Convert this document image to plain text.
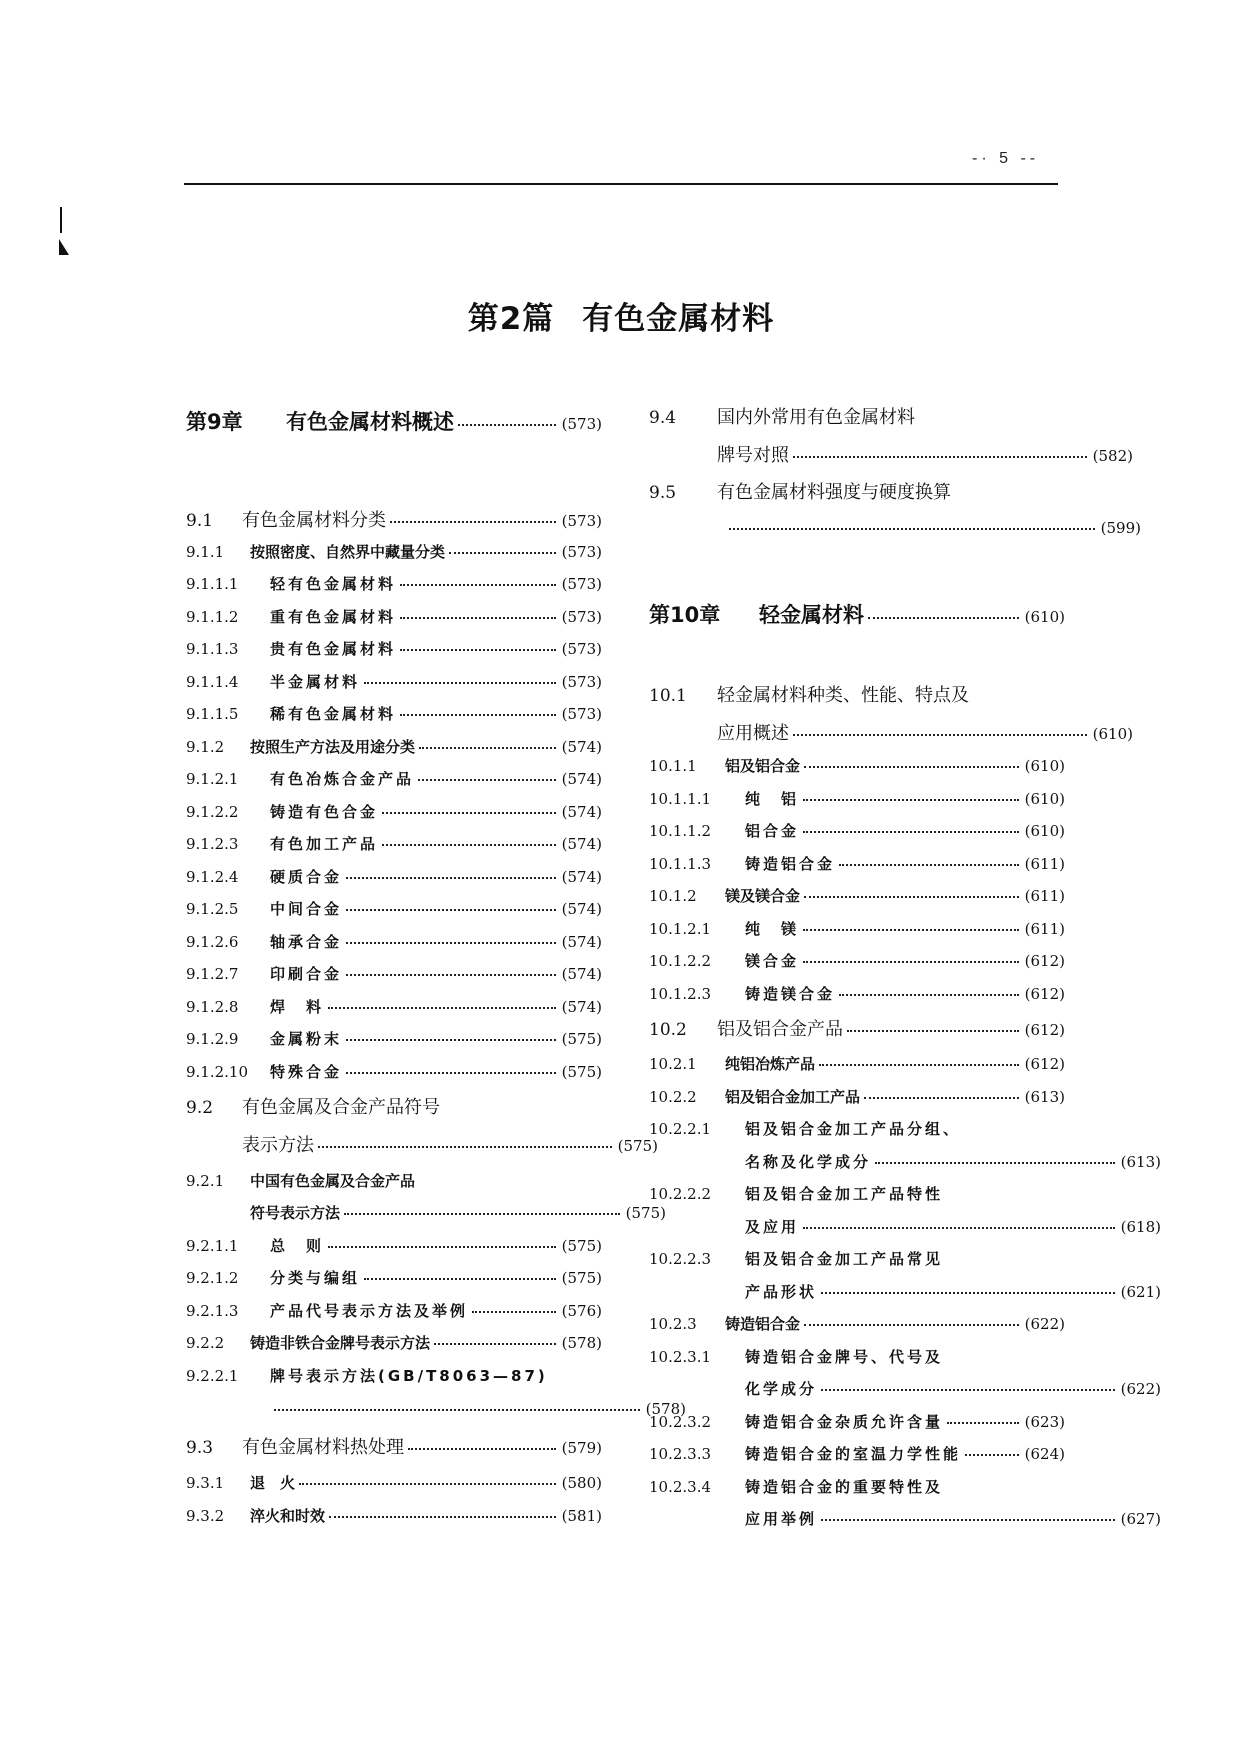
-· 5 --
第2篇 有色金属材料
第9章	有色金属材料概述	(573)
9.1	有色金属材料分类	(573)
9.1.1	按照密度、自然界中藏量分类	(573)
9.1.1.1	轻有色金属材料	(573)
9.1.1.2	重有色金属材料	(573)
9.1.1.3	贵有色金属材料	(573)
9.1.1.4	半金属材料	(573)
9.1.1.5	稀有色金属材料	(573)
9.1.2	按照生产方法及用途分类	(574)
9.1.2.1	有色冶炼合金产品	(574)
9.1.2.2	铸造有色合金	(574)
9.1.2.3	有色加工产品	(574)
9.1.2.4	硬质合金	(574)
9.1.2.5	中间合金	(574)
9.1.2.6	轴承合金	(574)
9.1.2.7	印刷合金	(574)
9.1.2.8	焊　料	(574)
9.1.2.9	金属粉末	(575)
9.1.2.10	特殊合金	(575)
9.2	有色金属及合金产品符号
表示方法	(575)
9.2.1	中国有色金属及合金产品
符号表示方法	(575)
9.2.1.1	总　则	(575)
9.2.1.2	分类与编组	(575)
9.2.1.3	产品代号表示方法及举例	(576)
9.2.2	铸造非铁合金牌号表示方法	(578)
9.2.2.1	牌号表示方法(GB/T8063—87)
(578)
9.3	有色金属材料热处理	(579)
9.3.1	退　火	(580)
9.3.2	淬火和时效	(581)
9.4	国内外常用有色金属材料
牌号对照	(582)
9.5	有色金属材料强度与硬度换算
(599)
第10章	轻金属材料	(610)
10.1	轻金属材料种类、性能、特点及
应用概述	(610)
10.1.1	铝及铝合金	(610)
10.1.1.1	纯　铝	(610)
10.1.1.2	铝合金	(610)
10.1.1.3	铸造铝合金	(611)
10.1.2	镁及镁合金	(611)
10.1.2.1	纯　镁	(611)
10.1.2.2	镁合金	(612)
10.1.2.3	铸造镁合金	(612)
10.2	铝及铝合金产品	(612)
10.2.1	纯铝冶炼产品	(612)
10.2.2	铝及铝合金加工产品	(613)
10.2.2.1	铝及铝合金加工产品分组、
名称及化学成分	(613)
10.2.2.2	铝及铝合金加工产品特性
及应用	(618)
10.2.2.3	铝及铝合金加工产品常见
产品形状	(621)
10.2.3	铸造铝合金	(622)
10.2.3.1	铸造铝合金牌号、代号及
化学成分	(622)
10.2.3.2	铸造铝合金杂质允许含量	(623)
10.2.3.3	铸造铝合金的室温力学性能	(624)
10.2.3.4	铸造铝合金的重要特性及
应用举例	(627)
